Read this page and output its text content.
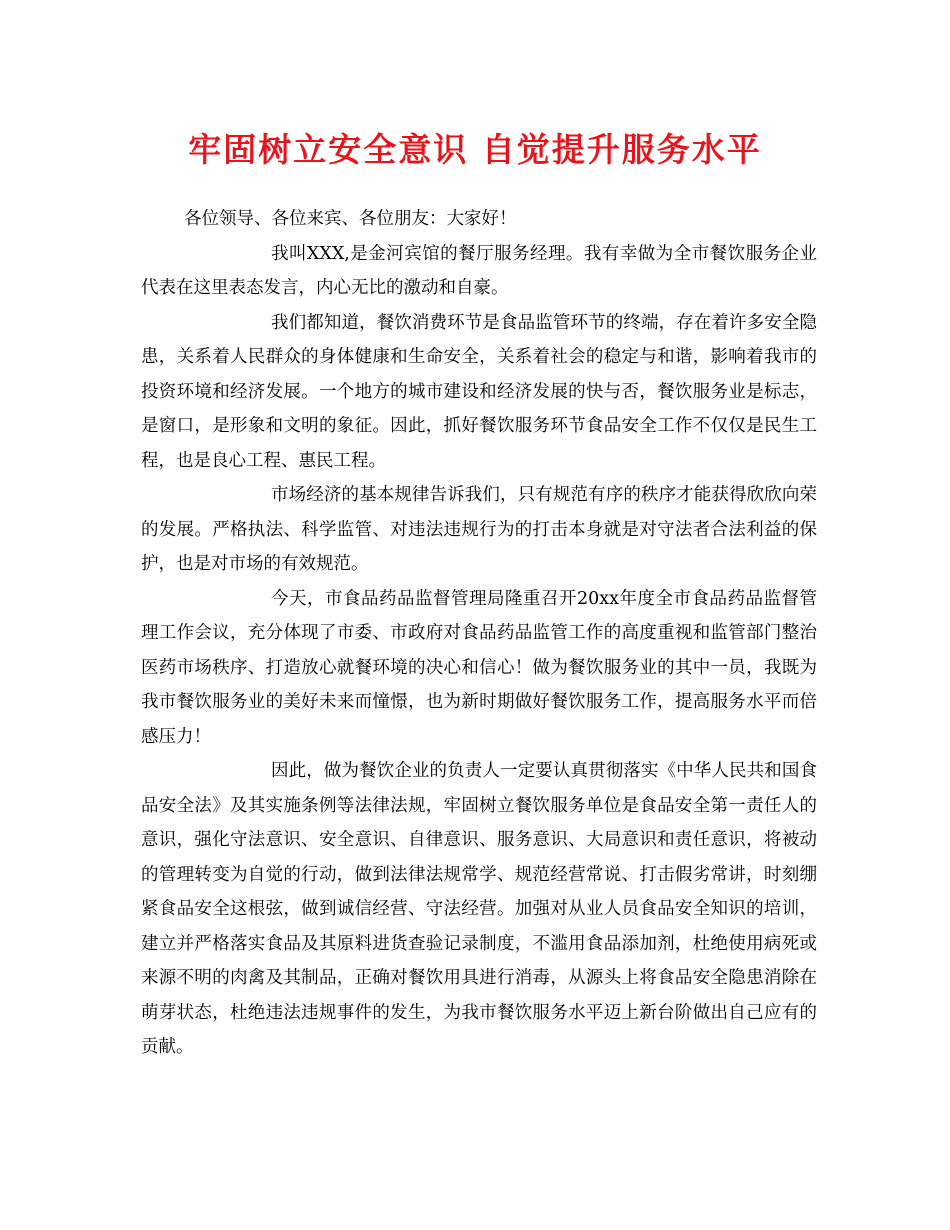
牢固树立安全意识 自觉提升服务水平

各位领导、各位来宾、各位朋友：大家好！

我叫XXX,是金河宾馆的餐厅服务经理。我有幸做为全市餐饮服务企业代表在这里表态发言，内心无比的激动和自豪。

我们都知道，餐饮消费环节是食品监管环节的终端，存在着许多安全隐患，关系着人民群众的身体健康和生命安全，关系着社会的稳定与和谐，影响着我市的投资环境和经济发展。一个地方的城市建设和经济发展的快与否，餐饮服务业是标志，是窗口，是形象和文明的象征。因此，抓好餐饮服务环节食品安全工作不仅仅是民生工程，也是良心工程、惠民工程。

市场经济的基本规律告诉我们，只有规范有序的秩序才能获得欣欣向荣的发展。严格执法、科学监管、对违法违规行为的打击本身就是对守法者合法利益的保护，也是对市场的有效规范。

今天，市食品药品监督管理局隆重召开20xx年度全市食品药品监督管理工作会议，充分体现了市委、市政府对食品药品监管工作的高度重视和监管部门整治医药市场秩序、打造放心就餐环境的决心和信心！做为餐饮服务业的其中一员，我既为我市餐饮服务业的美好未来而憧憬，也为新时期做好餐饮服务工作，提高服务水平而倍感压力！

因此，做为餐饮企业的负责人一定要认真贯彻落实《中华人民共和国食品安全法》及其实施条例等法律法规，牢固树立餐饮服务单位是食品安全第一责任人的意识，强化守法意识、安全意识、自律意识、服务意识、大局意识和责任意识，将被动的管理转变为自觉的行动，做到法律法规常学、规范经营常说、打击假劣常讲，时刻绷紧食品安全这根弦，做到诚信经营、守法经营。加强对从业人员食品安全知识的培训，建立并严格落实食品及其原料进货查验记录制度，不滥用食品添加剂，杜绝使用病死或来源不明的肉禽及其制品，正确对餐饮用具进行消毒，从源头上将食品安全隐患消除在萌芽状态，杜绝违法违规事件的发生，为我市餐饮服务水平迈上新台阶做出自己应有的贡献。
